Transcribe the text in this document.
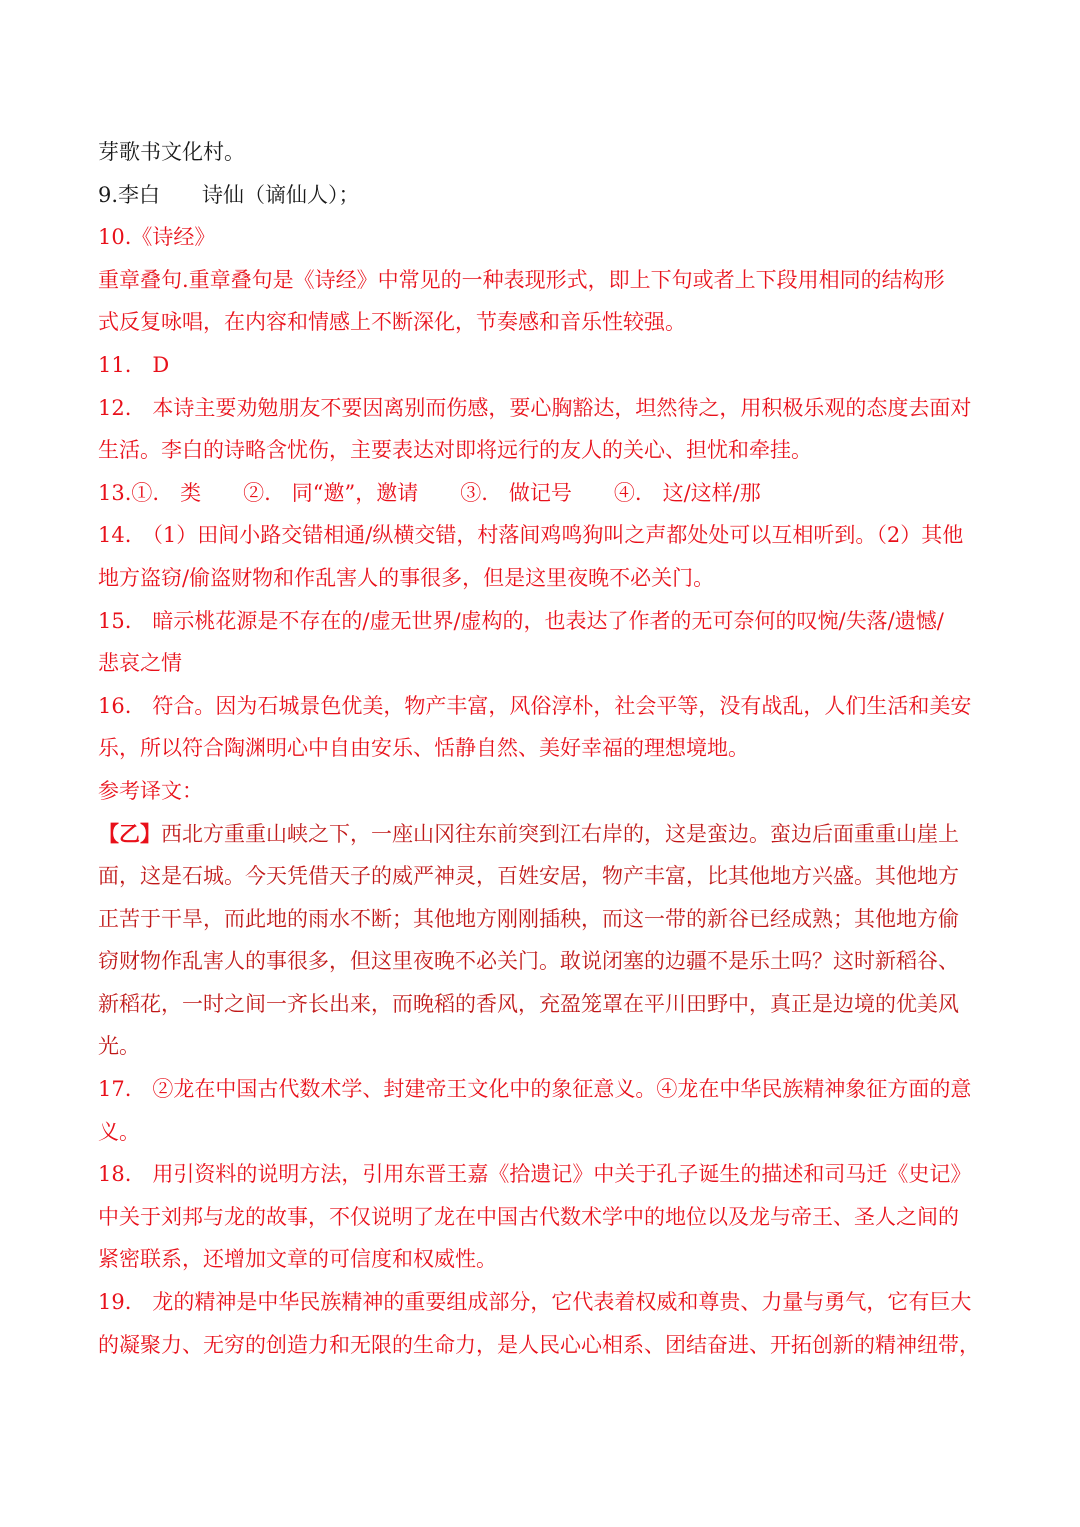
芽歌书文化村。
9.李白　　诗仙（谪仙人）；
10.《诗经》
重章叠句.重章叠句是《诗经》中常见的一种表现形式，即上下句或者上下段用相同的结构形
式反复咏唱，在内容和情感上不断深化，节奏感和音乐性较强。
11.　D
12.　本诗主要劝勉朋友不要因离别而伤感，要心胸豁达，坦然待之，用积极乐观的态度去面对
生活。李白的诗略含忧伤，主要表达对即将远行的友人的关心、担忧和牵挂。
13.①.　类　　②.　同“邀”，邀请　　③.　做记号　　④.　这/这样/那
14.　（1）田间小路交错相通/纵横交错，村落间鸡鸣狗叫之声都处处可以互相听到。（2）其他
地方盗窃/偷盗财物和作乱害人的事很多，但是这里夜晚不必关门。
15.　暗示桃花源是不存在的/虚无世界/虚构的，也表达了作者的无可奈何的叹惋/失落/遗憾/
悲哀之情
16.　符合。因为石城景色优美，物产丰富，风俗淳朴，社会平等，没有战乱，人们生活和美安
乐，所以符合陶渊明心中自由安乐、恬静自然、美好幸福的理想境地。
参考译文：
【乙】西北方重重山峡之下，一座山冈往东前突到江右岸的，这是蛮边。蛮边后面重重山崖上
面，这是石城。今天凭借天子的威严神灵，百姓安居，物产丰富，比其他地方兴盛。其他地方
正苦于干旱，而此地的雨水不断；其他地方刚刚插秧，而这一带的新谷已经成熟；其他地方偷
窃财物作乱害人的事很多，但这里夜晚不必关门。敢说闭塞的边疆不是乐土吗？这时新稻谷、
新稻花，一时之间一齐长出来，而晚稻的香风，充盈笼罩在平川田野中，真正是边境的优美风
光。
17.　②龙在中国古代数术学、封建帝王文化中的象征意义。④龙在中华民族精神象征方面的意
义。
18.　用引资料的说明方法，引用东晋王嘉《拾遗记》中关于孔子诞生的描述和司马迁《史记》
中关于刘邦与龙的故事，不仅说明了龙在中国古代数术学中的地位以及龙与帝王、圣人之间的
紧密联系，还增加文章的可信度和权威性。
19.　龙的精神是中华民族精神的重要组成部分，它代表着权威和尊贵、力量与勇气，它有巨大
的凝聚力、无穷的创造力和无限的生命力，是人民心心相系、团结奋进、开拓创新的精神纽带，
